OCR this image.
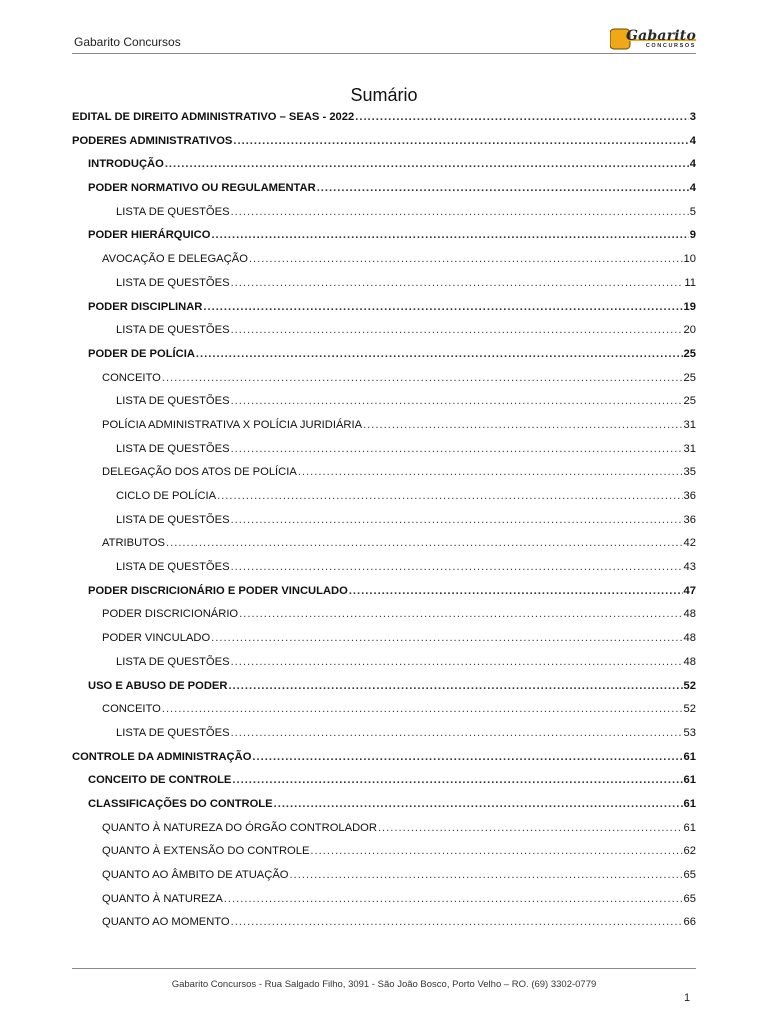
Gabarito Concursos	Gabarito
CONCURSOS
Sumário
EDITAL DE DIREITO ADMINISTRATIVO – SEAS - 2022 .....	3
PODERES ADMINISTRATIVOS .....	4
INTRODUÇÃO .....	4
PODER NORMATIVO OU REGULAMENTAR .....	4
LISTA DE QUESTÕES .....	5
PODER HIERÁRQUICO .....	9
AVOCAÇÃO E DELEGAÇÃO .....	10
LISTA DE QUESTÕES .....	11
PODER DISCIPLINAR .....	19
LISTA DE QUESTÕES .....	20
PODER DE POLÍCIA .....	25
CONCEITO .....	25
LISTA DE QUESTÕES .....	25
POLÍCIA ADMINISTRATIVA X POLÍCIA JURIDIÁRIA .....	31
LISTA DE QUESTÕES .....	31
DELEGAÇÃO DOS ATOS DE POLÍCIA .....	35
CICLO DE POLÍCIA .....	36
LISTA DE QUESTÕES .....	36
ATRIBUTOS .....	42
LISTA DE QUESTÕES .....	43
PODER DISCRICIONÁRIO E PODER VINCULADO .....	47
PODER DISCRICIONÁRIO .....	48
PODER VINCULADO .....	48
LISTA DE QUESTÕES .....	48
USO E ABUSO DE PODER .....	52
CONCEITO .....	52
LISTA DE QUESTÕES .....	53
CONTROLE DA ADMINISTRAÇÃO .....	61
CONCEITO DE CONTROLE .....	61
CLASSIFICAÇÕES DO CONTROLE .....	61
QUANTO À NATUREZA DO ÓRGÃO CONTROLADOR .....	61
QUANTO À EXTENSÃO DO CONTROLE .....	62
QUANTO AO ÂMBITO DE ATUAÇÃO .....	65
QUANTO À NATUREZA .....	65
QUANTO AO MOMENTO .....	66
Gabarito Concursos - Rua Salgado Filho, 3091 - São João Bosco, Porto Velho – RO. (69) 3302-0779
1
